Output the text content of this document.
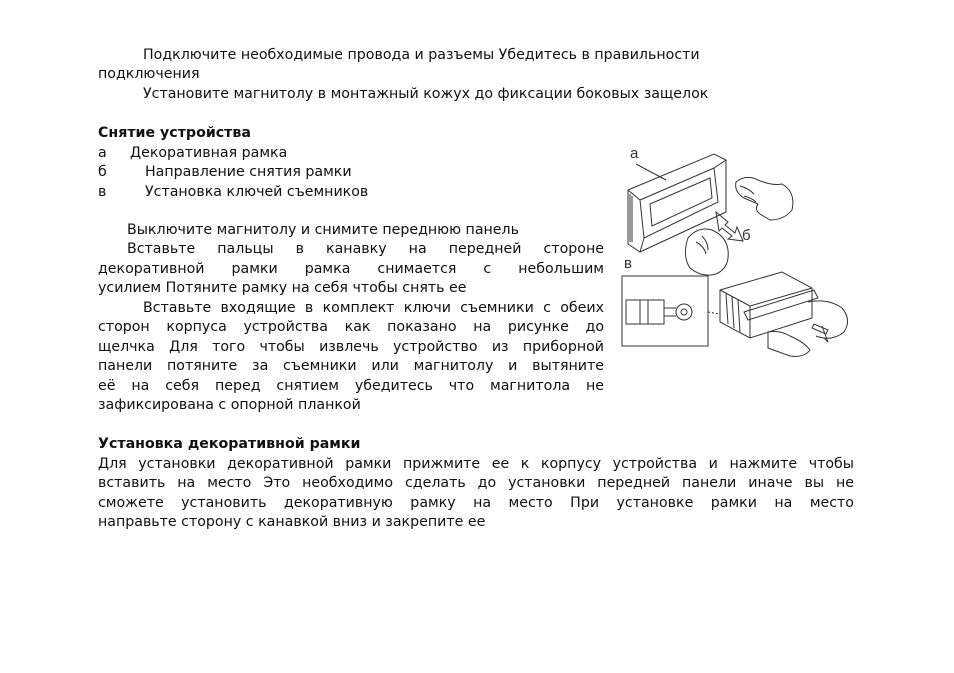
Подключите необходимые провода и разъемы Убедитесь в правильности
подключения
Установите магнитолу в монтажный кожух до фиксации боковых защелок
Снятие устройства
а Декоративная рамка
б	Направление снятия рамки
в	Установка ключей съемников
Выключите магнитолу и снимите переднюю панель
Вставьте пальцы в канавку на передней стороне
декоративной рамки рамка снимается с небольшим
усилием Потяните рамку на себя чтобы снять ее
Вставьте входящие в комплект ключи съемники с обеих
сторон корпуса устройства как показано на рисунке до
щелчка Для того чтобы извлечь устройство из приборной
панели потяните за съемники или магнитолу и вытяните
её на себя перед снятием убедитесь что магнитола не
зафиксирована с опорной планкой
а
б
в
Установка декоративной рамки
Для установки декоративной рамки прижмите ее к корпусу устройства и нажмите чтобы
вставить на место Это необходимо сделать до установки передней панели иначе вы не
сможете установить декоративную рамку на место При установке рамки на место
направьте сторону с канавкой вниз и закрепите ее
